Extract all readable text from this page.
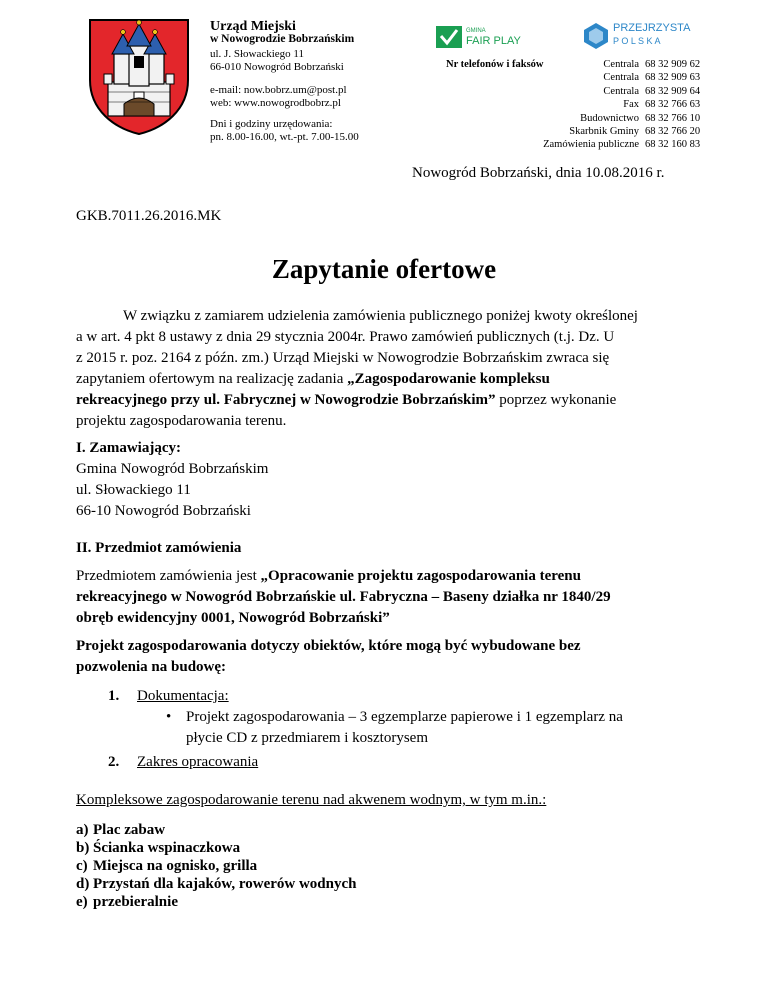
Urząd Miejski
w Nowogrodzie Bobrzańskim
ul. J. Słowackiego 11
66-010 Nowogród Bobrzański
e-mail: now.bobrz.um@post.pl
web: www.nowogrodbobrz.pl
Dni i godziny urzędowania:
pn. 8.00-16.00, wt.-pt. 7.00-15.00
GMINA
FAIR PLAY
PRZEJRZYSTA
P O L S K A
Nr telefonów i faksów	Centrala 68 32 909 62
Centrala 68 32 909 63
Centrala 68 32 909 64
Fax 68 32 766 63
Budownictwo 68 32 766 10
Skarbnik Gminy 68 32 766 20
Zamówienia publiczne 68 32 160 83
Nowogród Bobrzański, dnia 10.08.2016 r.
GKB.7011.26.2016.MK
Zapytanie ofertowe
W związku z zamiarem udzielenia zamówienia publicznego poniżej kwoty określonej
a w art. 4 pkt 8 ustawy z dnia 29 stycznia 2004r. Prawo zamówień publicznych (t.j. Dz. U
z 2015 r. poz. 2164 z późn. zm.) Urząd Miejski w Nowogrodzie Bobrzańskim zwraca się
zapytaniem ofertowym na realizację zadania „Zagospodarowanie kompleksu
rekreacyjnego przy ul. Fabrycznej w Nowogrodzie Bobrzańskim” poprzez wykonanie
projektu zagospodarowania terenu.
I. Zamawiający:
Gmina Nowogród Bobrzańskim
ul. Słowackiego 11
66-10 Nowogród Bobrzański
II. Przedmiot zamówienia
Przedmiotem zamówienia jest „Opracowanie projektu zagospodarowania terenu
rekreacyjnego w Nowogród Bobrzańskie ul. Fabryczna – Baseny działka nr 1840/29
obręb ewidencyjny 0001, Nowogród Bobrzański”
Projekt zagospodarowania dotyczy obiektów, które mogą być wybudowane bez
pozwolenia na budowę:
1. Dokumentacja:
• Projekt zagospodarowania – 3 egzemplarze papierowe i 1 egzemplarz na
płycie CD z przedmiarem i kosztorysem
2. Zakres opracowania
Kompleksowe zagospodarowanie terenu nad akwenem wodnym, w tym m.in.:
a) Plac zabaw
b) Ścianka wspinaczkowa
c) Miejsca na ognisko, grilla
d) Przystań dla kajaków, rowerów wodnych
e) przebieralnie
